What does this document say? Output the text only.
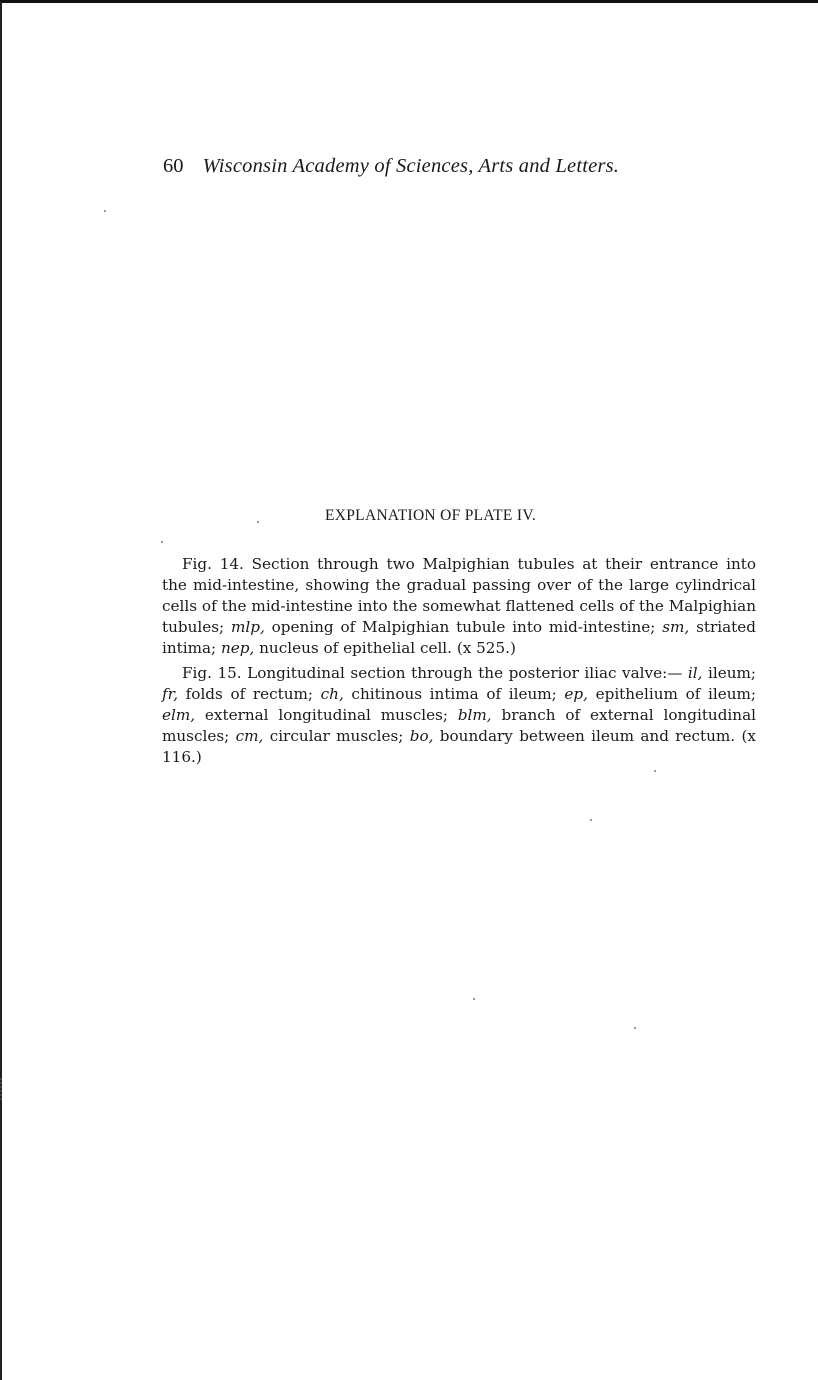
60 Wisconsin Academy of Sciences, Arts and Letters.
EXPLANATION OF PLATE IV.

Fig. 14. Section through two Malpighian tubules at their entrance into the mid-intestine, showing the gradual passing over of the large cylindrical cells of the mid-intestine into the somewhat flattened cells of the Malpighian tubules; mlp, opening of Malpighian tubule into mid-intestine; sm, striated intima; nep, nucleus of epithelial cell. (x 525.)

Fig. 15. Longitudinal section through the posterior iliac valve:— il, ileum; fr, folds of rectum; ch, chitinous intima of ileum; ep, epithelium of ileum; elm, external longitudinal muscles; blm, branch of external longitudinal muscles; cm, circular muscles; bo, boundary between ileum and rectum. (x 116.)
